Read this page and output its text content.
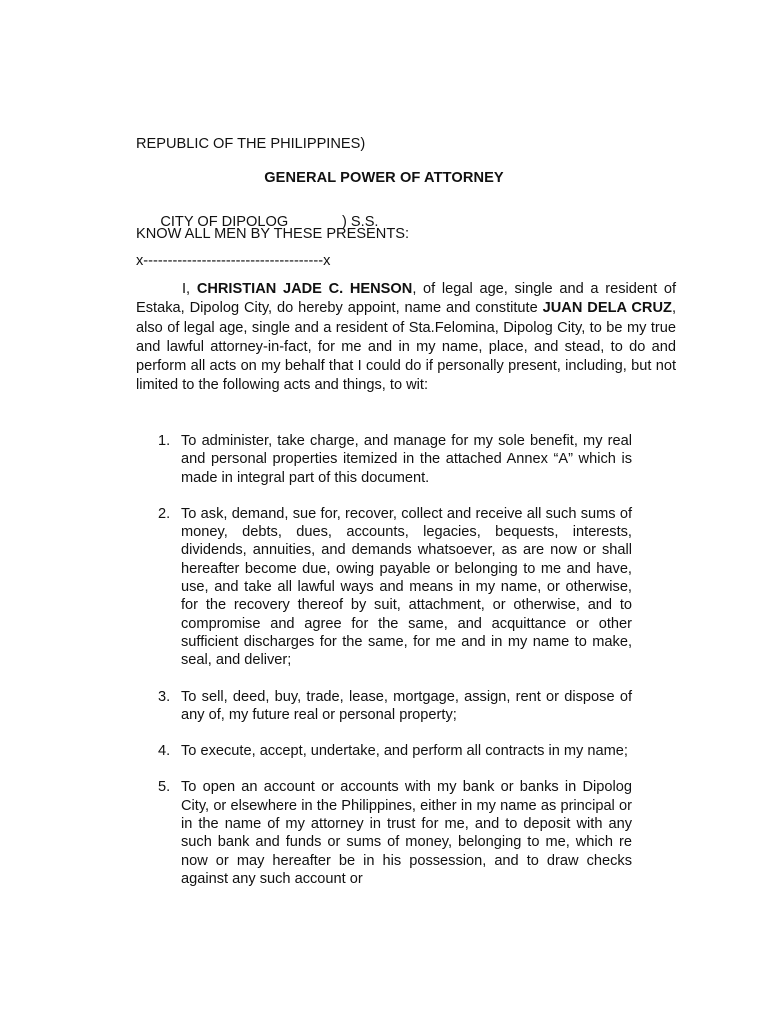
REPUBLIC OF THE PHILIPPINES)

CITY OF DIPOLOG	) S.S.

x-------------------------------------x

GENERAL POWER OF ATTORNEY
KNOW ALL MEN BY THESE PRESENTS:

I, CHRISTIAN JADE C. HENSON, of legal age, single and a resident of Estaka, Dipolog City, do hereby appoint, name and constitute JUAN DELA CRUZ, also of legal age, single and a resident of Sta.Felomina, Dipolog City, to be my true and lawful attorney-in-fact, for me and in my name, place, and stead, to do and perform all acts on my behalf that I could do if personally present, including, but not limited to the following acts and things, to wit:

1. To administer, take charge, and manage for my sole benefit, my real and personal properties itemized in the attached Annex “A” which is made in integral part of this document.
2. To ask, demand, sue for, recover, collect and receive all such sums of money, debts, dues, accounts, legacies, bequests, interests, dividends, annuities, and demands whatsoever, as are now or shall hereafter become due, owing payable or belonging to me and have, use, and take all lawful ways and means in my name, or otherwise, for the recovery thereof by suit, attachment, or otherwise, and to compromise and agree for the same, and acquittance or other sufficient discharges for the same, for me and in my name to make, seal, and deliver;
3. To sell, deed, buy, trade, lease, mortgage, assign, rent or dispose of any of, my future real or personal property;
4. To execute, accept, undertake, and perform all contracts in my name;
5. To open an account or accounts with my bank or banks in Dipolog City, or elsewhere in the Philippines, either in my name as principal or in the name of my attorney in trust for me, and to deposit with any such bank and funds or sums of money, belonging to me, which re now or may hereafter be in his possession, and to draw checks against any such account or
